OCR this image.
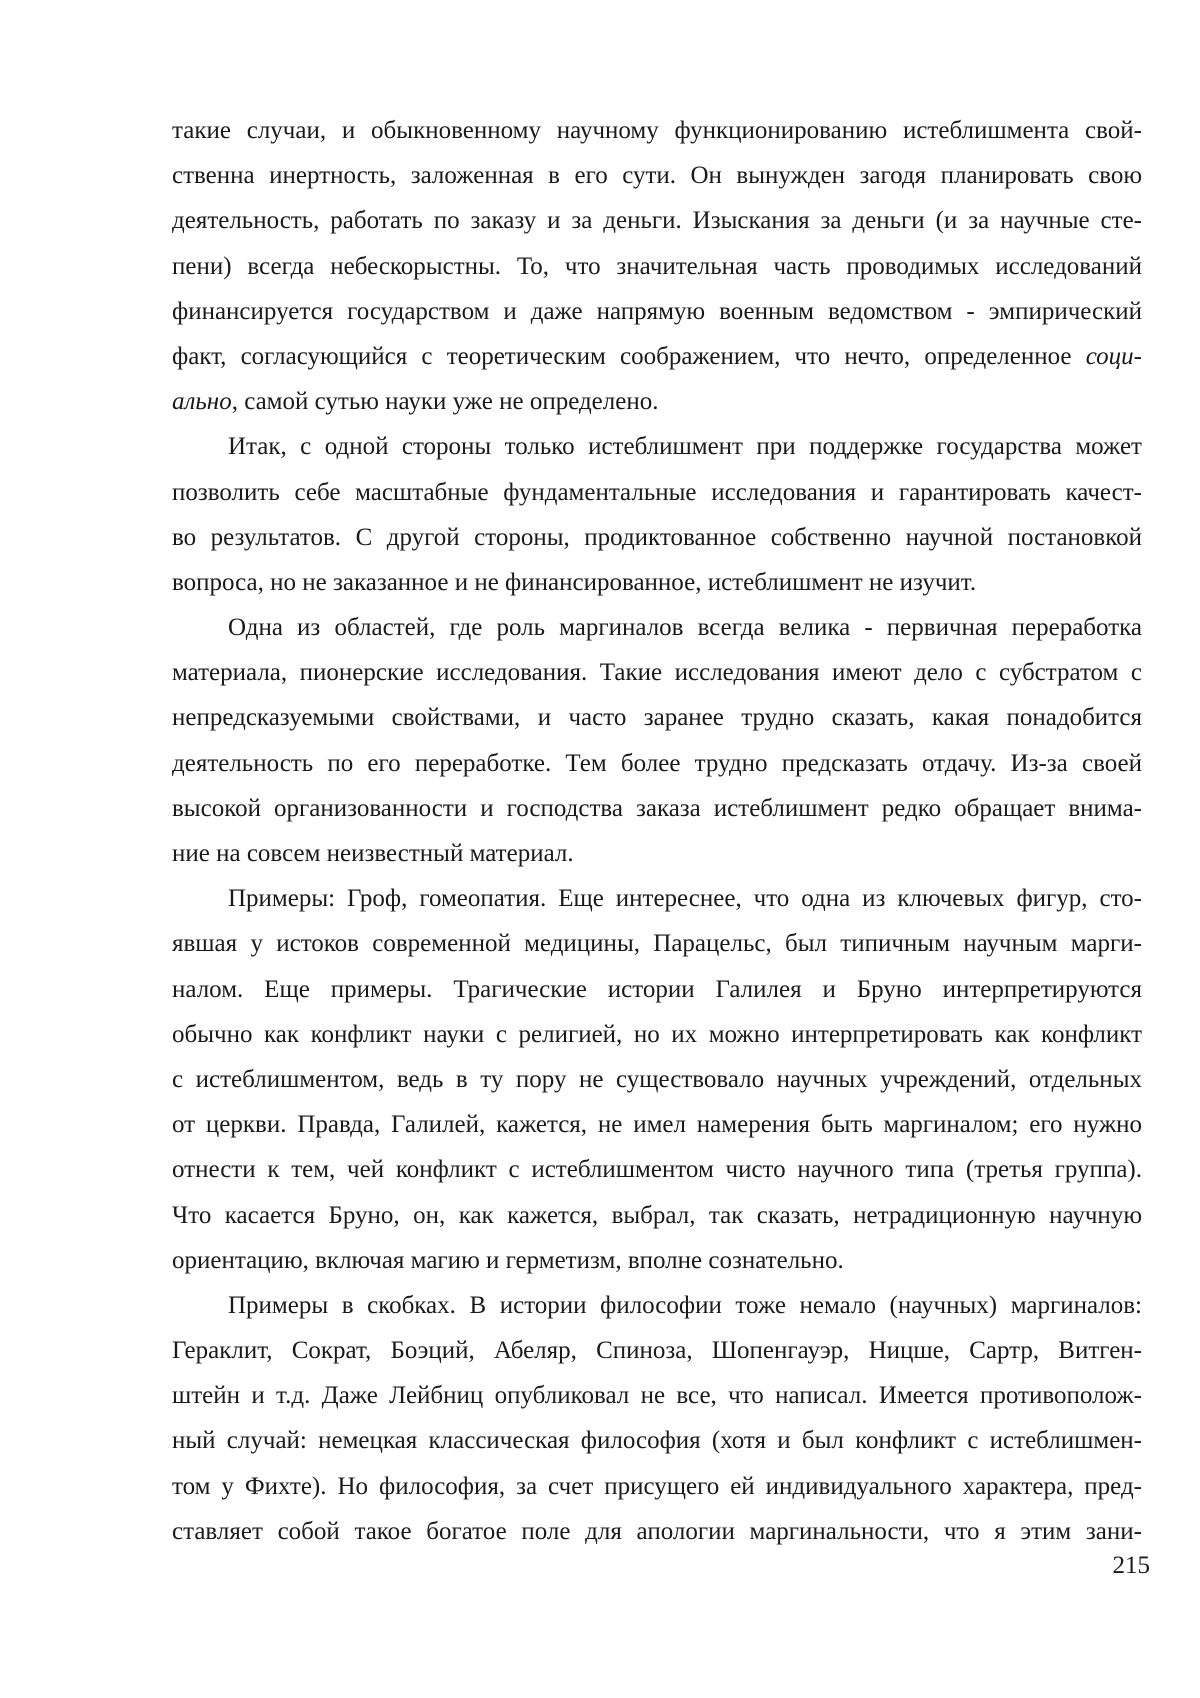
такие случаи, и обыкновенному научному функционированию истеблишмента свой-
ственна инертность, заложенная в его сути. Он вынужден загодя планировать свою
деятельность, работать по заказу и за деньги. Изыскания за деньги (и за научные сте-
пени) всегда небескорыстны. То, что значительная часть проводимых исследований
финансируется государством и даже напрямую военным ведомством - эмпирический
факт, согласующийся с теоретическим соображением, что нечто, определенное соци-
ально, самой сутью науки уже не определено.
Итак, с одной стороны только истеблишмент при поддержке государства может
позволить себе масштабные фундаментальные исследования и гарантировать качест-
во результатов. С другой стороны, продиктованное собственно научной постановкой
вопроса, но не заказанное и не финансированное, истеблишмент не изучит.
Одна из областей, где роль маргиналов всегда велика - первичная переработка
материала, пионерские исследования. Такие исследования имеют дело с субстратом с
непредсказуемыми свойствами, и часто заранее трудно сказать, какая понадобится
деятельность по его переработке. Тем более трудно предсказать отдачу. Из-за своей
высокой организованности и господства заказа истеблишмент редко обращает внима-
ние на совсем неизвестный материал.
Примеры: Гроф, гомеопатия. Еще интереснее, что одна из ключевых фигур, сто-
явшая у истоков современной медицины, Парацельс, был типичным научным марги-
налом. Еще примеры. Трагические истории Галилея и Бруно интерпретируются
обычно как конфликт науки с религией, но их можно интерпретировать как конфликт
с истеблишментом, ведь в ту пору не существовало научных учреждений, отдельных
от церкви. Правда, Галилей, кажется, не имел намерения быть маргиналом; его нужно
отнести к тем, чей конфликт с истеблишментом чисто научного типа (третья группа).
Что касается Бруно, он, как кажется, выбрал, так сказать, нетрадиционную научную
ориентацию, включая магию и герметизм, вполне сознательно.
Примеры в скобках. В истории философии тоже немало (научных) маргиналов:
Гераклит, Сократ, Боэций, Абеляр, Спиноза, Шопенгауэр, Ницше, Сартр, Витген-
штейн и т.д. Даже Лейбниц опубликовал не все, что написал. Имеется противополож-
ный случай: немецкая классическая философия (хотя и был конфликт с истеблишмен-
том у Фихте). Но философия, за счет присущего ей индивидуального характера, пред-
ставляет собой такое богатое поле для апологии маргинальности, что я этим зани-
215
